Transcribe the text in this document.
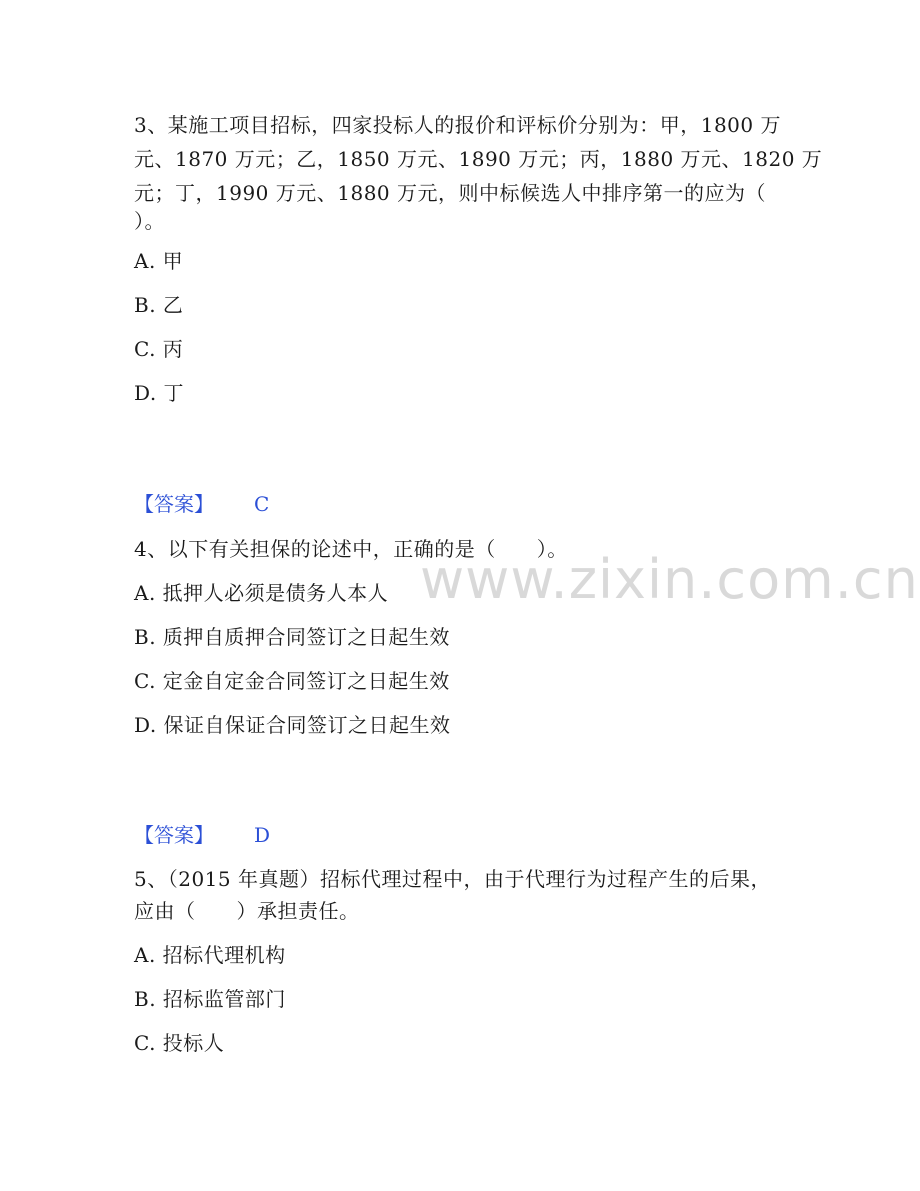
www.zixin.com.cn
3、某施工项目招标，四家投标人的报价和评标价分别为：甲，1800 万
元、1870 万元；乙，1850 万元、1890 万元；丙，1880 万元、1820 万
元；丁，1990 万元、1880 万元，则中标候选人中排序第一的应为（
）。
A. 甲
B. 乙
C. 丙
D. 丁
【答案】 C
4、以下有关担保的论述中，正确的是（　　）。
A. 抵押人必须是债务人本人
B. 质押自质押合同签订之日起生效
C. 定金自定金合同签订之日起生效
D. 保证自保证合同签订之日起生效
【答案】 D
5、（2015 年真题）招标代理过程中，由于代理行为过程产生的后果，
应由（　　）承担责任。
A. 招标代理机构
B. 招标监管部门
C. 投标人
